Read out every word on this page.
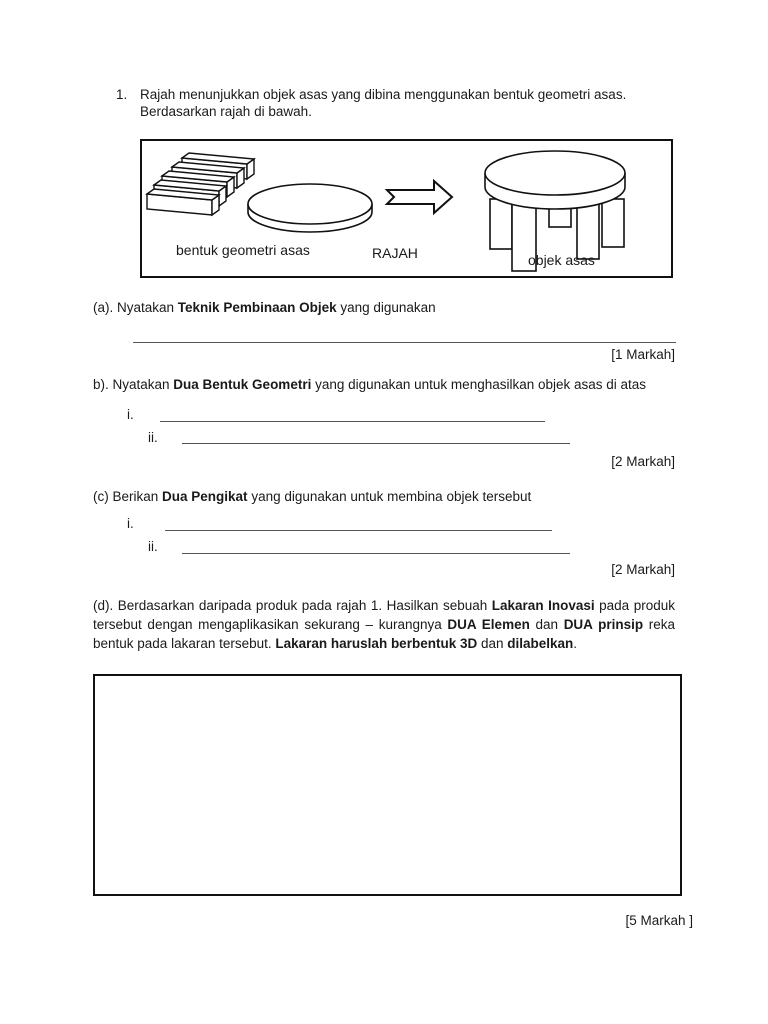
1. Rajah menunjukkan objek asas yang dibina menggunakan bentuk geometri asas.
Berdasarkan rajah di bawah.
bentuk geometri asas	RAJAH	objek asas
(a). Nyatakan Teknik Pembinaan Objek yang digunakan
[1 Markah]
b). Nyatakan Dua Bentuk Geometri yang digunakan untuk menghasilkan objek asas di atas
i.
ii.
[2 Markah]
(c) Berikan Dua Pengikat yang digunakan untuk membina objek tersebut
i.
ii.
[2 Markah]
(d). Berdasarkan daripada produk pada rajah 1. Hasilkan sebuah Lakaran Inovasi pada produk tersebut dengan mengaplikasikan sekurang – kurangnya DUA Elemen dan DUA prinsip reka bentuk pada lakaran tersebut. Lakaran haruslah berbentuk 3D dan dilabelkan.
[5 Markah ]
